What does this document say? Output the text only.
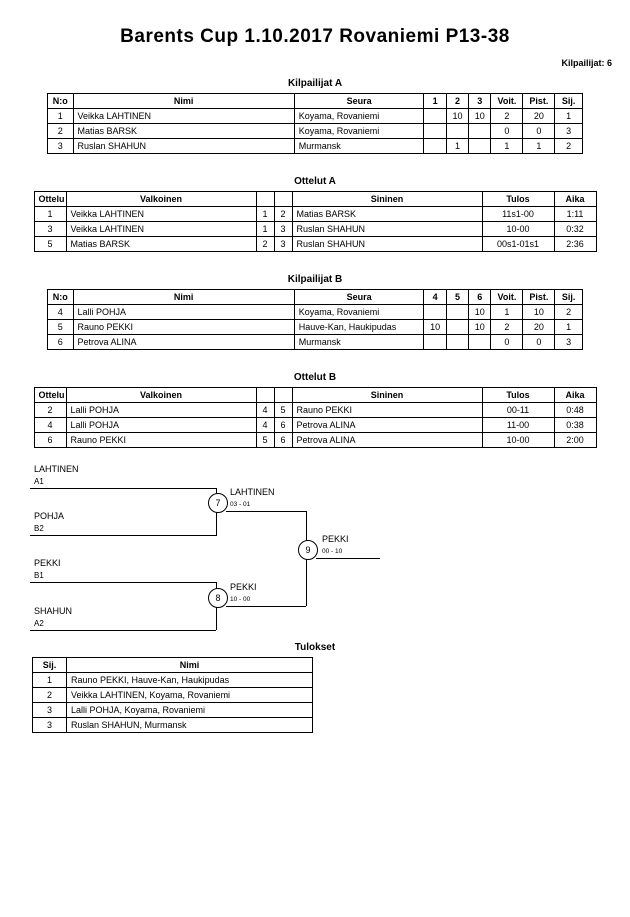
Barents Cup 1.10.2017 Rovaniemi P13-38
Kilpailijat: 6
Kilpailijat A
N:o	Nimi	Seura	1	2	3	Voit.	Pist.	Sij.
1	Veikka LAHTINEN	Koyama, Rovaniemi		10	10	2	20	1
2	Matias BARSK	Koyama, Rovaniemi				0	0	3
3	Ruslan SHAHUN	Murmansk		1		1	1	2
Ottelut A
Ottelu	Valkoinen			Sininen	Tulos	Aika
1	Veikka LAHTINEN	1	2	Matias BARSK	11s1-00	1:11
3	Veikka LAHTINEN	1	3	Ruslan SHAHUN	10-00	0:32
5	Matias BARSK	2	3	Ruslan SHAHUN	00s1-01s1	2:36
Kilpailijat B
N:o	Nimi	Seura	4	5	6	Voit.	Pist.	Sij.
4	Lalli POHJA	Koyama, Rovaniemi			10	1	10	2
5	Rauno PEKKI	Hauve-Kan, Haukipudas	10		10	2	20	1
6	Petrova ALINA	Murmansk				0	0	3
Ottelut B
Ottelu	Valkoinen			Sininen	Tulos	Aika
2	Lalli POHJA	4	5	Rauno PEKKI	00-11	0:48
4	Lalli POHJA	4	6	Petrova ALINA	11-00	0:38
6	Rauno PEKKI	5	6	Petrova ALINA	10-00	2:00
LAHTINEN
A1
POHJA
B2
7
LAHTINEN
03 - 01
PEKKI
B1
SHAHUN
A2
8
PEKKI
10 - 00
9
PEKKI
00 - 10
Tulokset
Sij.	Nimi
1	Rauno PEKKI, Hauve-Kan, Haukipudas
2	Veikka LAHTINEN, Koyama, Rovaniemi
3	Lalli POHJA, Koyama, Rovaniemi
3	Ruslan SHAHUN, Murmansk
